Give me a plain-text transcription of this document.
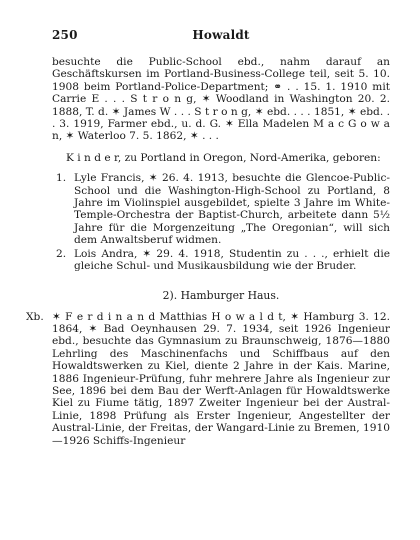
250	Howaldt

besuchte die Public-School ebd., nahm darauf an Geschäftskursen im Portland-Business-College teil, seit 5. 10. 1908 beim Portland-Police-Department; ⚭ . . 15. 1. 1910 mit Carrie E . . . S t r o n g, ✶ Woodland in Washington 20. 2. 1888, T. d. ✶ James W . . . S t r o n g, ✶ ebd. . . . 1851, ✶ ebd. . . 3. 1919, Farmer ebd., u. d. G. ✶ Ella Madelen M a c G o w a n, ✶ Waterloo 7. 5. 1862, ✶ . . .

K i n d e r, zu Portland in Oregon, Nord-Amerika, geboren:

1. Lyle Francis, ✶ 26. 4. 1913, besuchte die Glencoe-Public-School und die Washington-High-School zu Portland, 8 Jahre im Violinspiel ausgebildet, spielte 3 Jahre im White-Temple-Orchestra der Baptist-Church, arbeitete dann 5½ Jahre für die Morgenzeitung „The Oregonian“, will sich dem Anwaltsberuf widmen.
2. Lois Andra, ✶ 29. 4. 1918, Studentin zu . . ., erhielt die gleiche Schul- und Musikausbildung wie der Bruder.
2). Hamburger Haus.

Xb. ✶ F e r d i n a n d Matthias H o w a l d t, ✶ Hamburg 3. 12. 1864, ✶ Bad Oeynhausen 29. 7. 1934, seit 1926 Ingenieur ebd., besuchte das Gymnasium zu Braunschweig, 1876—1880 Lehrling des Maschinenfachs und Schiffbaus auf den Howaldtswerken zu Kiel, diente 2 Jahre in der Kais. Marine, 1886 Ingenieur-Prüfung, fuhr mehrere Jahre als Ingenieur zur See, 1896 bei dem Bau der Werft-Anlagen für Howaldtswerke Kiel zu Fiume tätig, 1897 Zweiter Ingenieur bei der Austral-Linie, 1898 Prüfung als Erster Ingenieur, Angestellter der Austral-Linie, der Freitas, der Wangard-Linie zu Bremen, 1910—1926 Schiffs-Ingenieur
